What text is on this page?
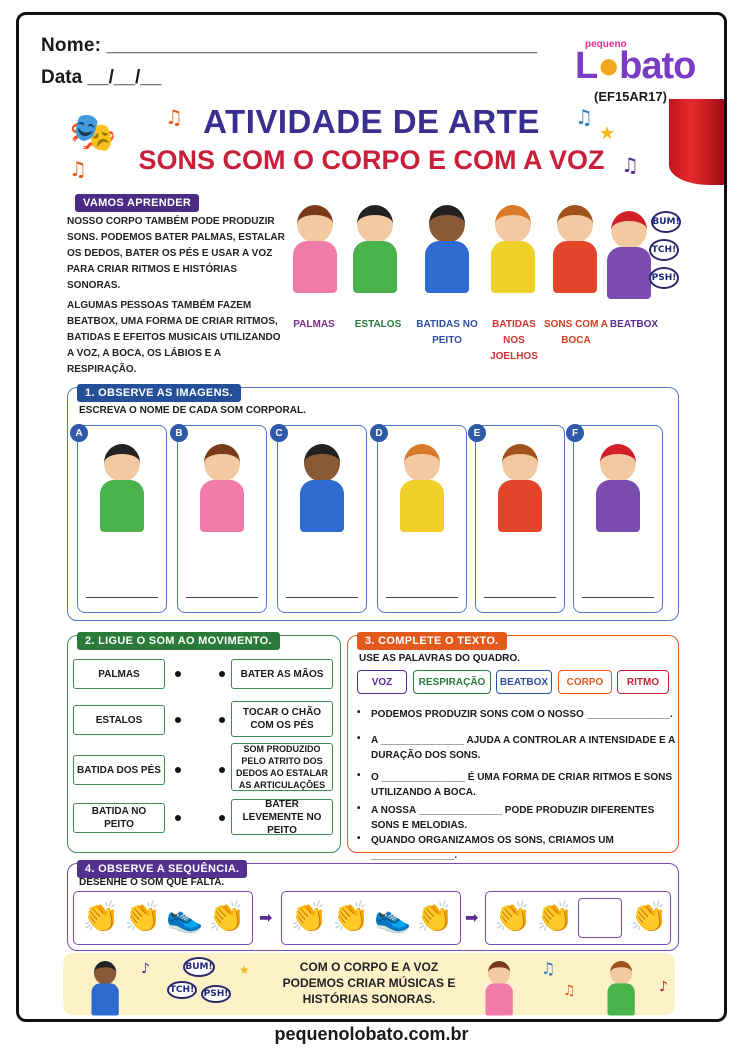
Nome: ________________________________________
Data __/__/__
pequeno
L●bato
(EF15AR17)
🎭 ♫
♫
♫
★
♫
ATIVIDADE DE ARTE
SONS COM O CORPO E COM A VOZ
VAMOS APRENDER

NOSSO CORPO TAMBÉM PODE PRODUZIR SONS. PODEMOS BATER PALMAS, ESTALAR OS DEDOS, BATER OS PÉS E USAR A VOZ PARA CRIAR RITMOS E HISTÓRIAS SONORAS.

ALGUMAS PESSOAS TAMBÉM FAZEM BEATBOX, UMA FORMA DE CRIAR RITMOS, BATIDAS E EFEITOS MUSICAIS UTILIZANDO A VOZ, A BOCA, OS LÁBIOS E A RESPIRAÇÃO.

BUM!
TCH!
PSH!
PALMAS	ESTALOS	BATIDAS NO PEITO
BATIDAS NOS JOELHOS
SONS COM A BOCA
BEATBOX
1. OBSERVE AS IMAGENS.
ESCREVA O NOME DE CADA SOM CORPORAL.
A	B	C	D	E	F
2. LIGUE O SOM AO MOVIMENTO.
PALMAS
ESTALOS
BATIDA DOS PÉS
BATIDA NO PEITO
BATER AS MÃOS
TOCAR O CHÃO COM OS PÉS
SOM PRODUZIDO PELO ATRITO DOS DEDOS AO ESTALAR AS ARTICULAÇÕES
BATER LEVEMENTE NO PEITO
3. COMPLETE O TEXTO.
USE AS PALAVRAS DO QUADRO.
VOZ	RESPIRAÇÃO	BEATBOX	CORPO	RITMO
• PODEMOS PRODUZIR SONS COM O NOSSO _______________.
• A _______________ AJUDA A CONTROLAR A INTENSIDADE E A DURAÇÃO DOS SONS.
• O _______________ É UMA FORMA DE CRIAR RITMOS E SONS UTILIZANDO A BOCA.
• A NOSSA _______________ PODE PRODUZIR DIFERENTES SONS E MELODIAS.
• QUANDO ORGANIZAMOS OS SONS, CRIAMOS UM _______________.
4. OBSERVE A SEQUÊNCIA.
DESENHE O SOM QUE FALTA.
👏 👏 👟 👏 ➡ 👏 👏 👟 👏 ➡ 👏 👏 👏
BUM!
TCH!	PSH!
♪	★	COM O CORPO E A VOZ PODEMOS CRIAR MÚSICAS E HISTÓRIAS SONORAS.
♫
♫	♪
pequenolobato.com.br
